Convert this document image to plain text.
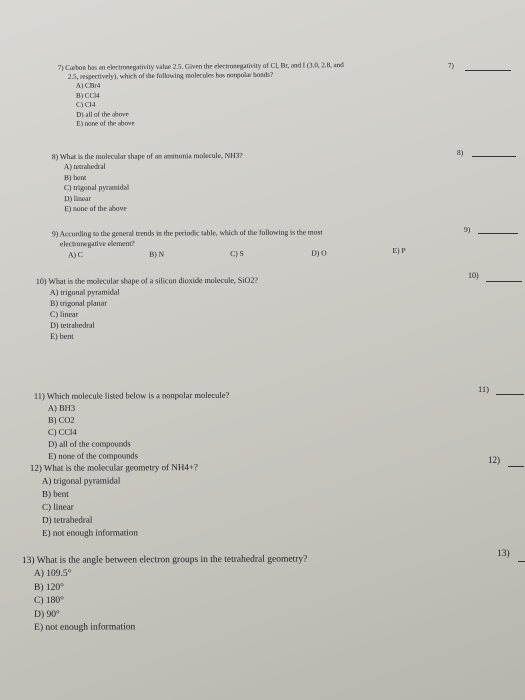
7) Carbon has an electronegativity value 2.5. Given the electronegativity of Cl, Br, and I (3.0, 2.8, and
2.5, respectively), which of the following molecules has nonpolar bonds?
A) CBr4
B) CCl4
C) CI4
D) all of the above
E) none of the above
7)
8) What is the molecular shape of an ammonia molecule, NH3?
A) tetrahedral
B) bent
C) trigonal pyramidal
D) linear
E) none of the above
8)
9) According to the general trends in the periodic table, which of the following is the most
electronegative element?
A) C	B) N	C) S	D) O	E) P
9)
10) What is the molecular shape of a silicon dioxide molecule, SiO2?
A) trigonal pyramidal
B) trigonal planar
C) linear
D) tetrahedral
E) bent
10)
11) Which molecule listed below is a nonpolar molecule?
A) BH3
B) CO2
C) CCl4
D) all of the compounds
E) none of the compounds
11)
12) What is the molecular geometry of NH4+?
A) trigonal pyramidal
B) bent
C) linear
D) tetrahedral
E) not enough information
12)
13) What is the angle between electron groups in the tetrahedral geometry?
A) 109.5°
B) 120°
C) 180°
D) 90°
E) not enough information
13)
